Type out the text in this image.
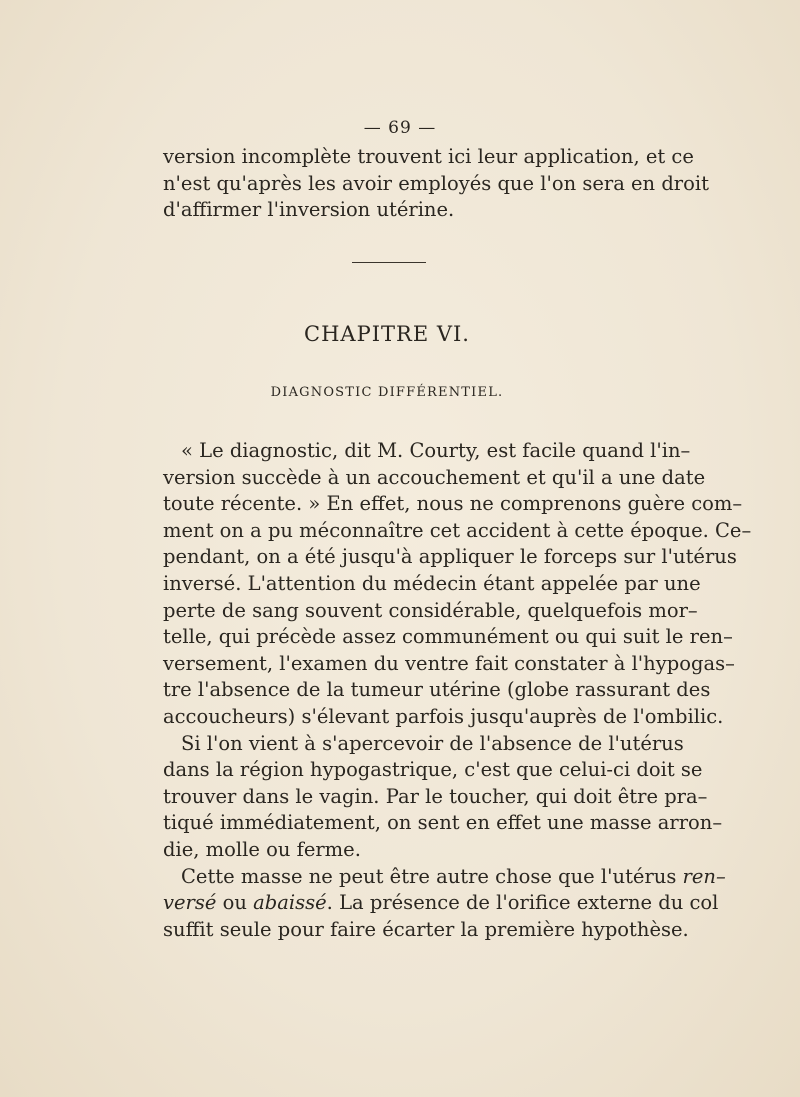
— 69 —
version incomplète trouvent ici leur application, et ce
n'est qu'après les avoir employés que l'on sera en droit
d'affirmer l'inversion utérine.
CHAPITRE VI.
DIAGNOSTIC DIFFÉRENTIEL.
« Le diagnostic, dit M. Courty, est facile quand l'in–
version succède à un accouchement et qu'il a une date
toute récente. » En effet, nous ne comprenons guère com–
ment on a pu méconnaître cet accident à cette époque. Ce–
pendant, on a été jusqu'à appliquer le forceps sur l'utérus
inversé. L'attention du médecin étant appelée par une
perte de sang souvent considérable, quelquefois mor–
telle, qui précède assez communément ou qui suit le ren–
versement, l'examen du ventre fait constater à l'hypogas–
tre l'absence de la tumeur utérine (globe rassurant des
accoucheurs) s'élevant parfois jusqu'auprès de l'ombilic.
Si l'on vient à s'apercevoir de l'absence de l'utérus
dans la région hypogastrique, c'est que celui-ci doit se
trouver dans le vagin. Par le toucher, qui doit être pra–
tiqué immédiatement, on sent en effet une masse arron–
die, molle ou ferme.
Cette masse ne peut être autre chose que l'utérus ren–
versé ou abaissé. La présence de l'orifice externe du col
suffit seule pour faire écarter la première hypothèse.
